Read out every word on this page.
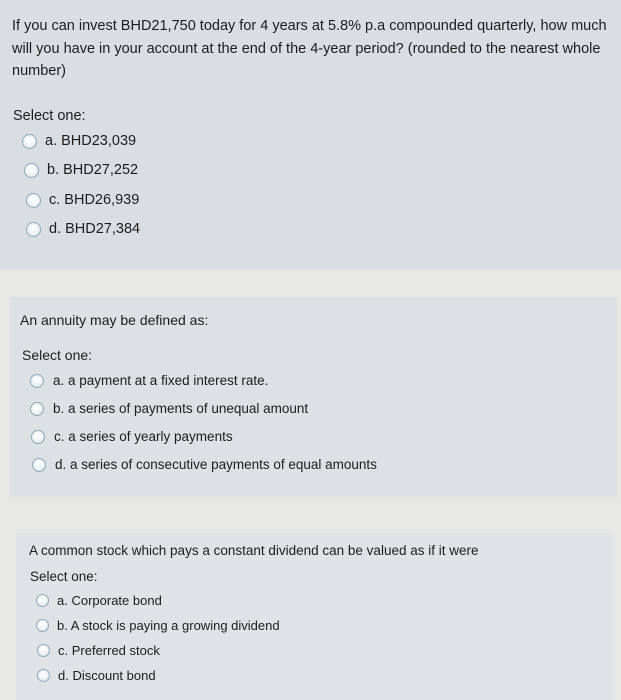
If you can invest BHD21,750 today for 4 years at 5.8% p.a compounded quarterly, how much will you have in your account at the end of the 4-year period? (rounded to the nearest whole number)

Select one:
a. BHD23,039
b. BHD27,252
c. BHD26,939
d. BHD27,384

An annuity may be defined as:

Select one:
a. a payment at a fixed interest rate.
b. a series of payments of unequal amount
c. a series of yearly payments
d. a series of consecutive payments of equal amounts

A common stock which pays a constant dividend can be valued as if it were

Select one:
a. Corporate bond
b. A stock is paying a growing dividend
c. Preferred stock
d. Discount bond
